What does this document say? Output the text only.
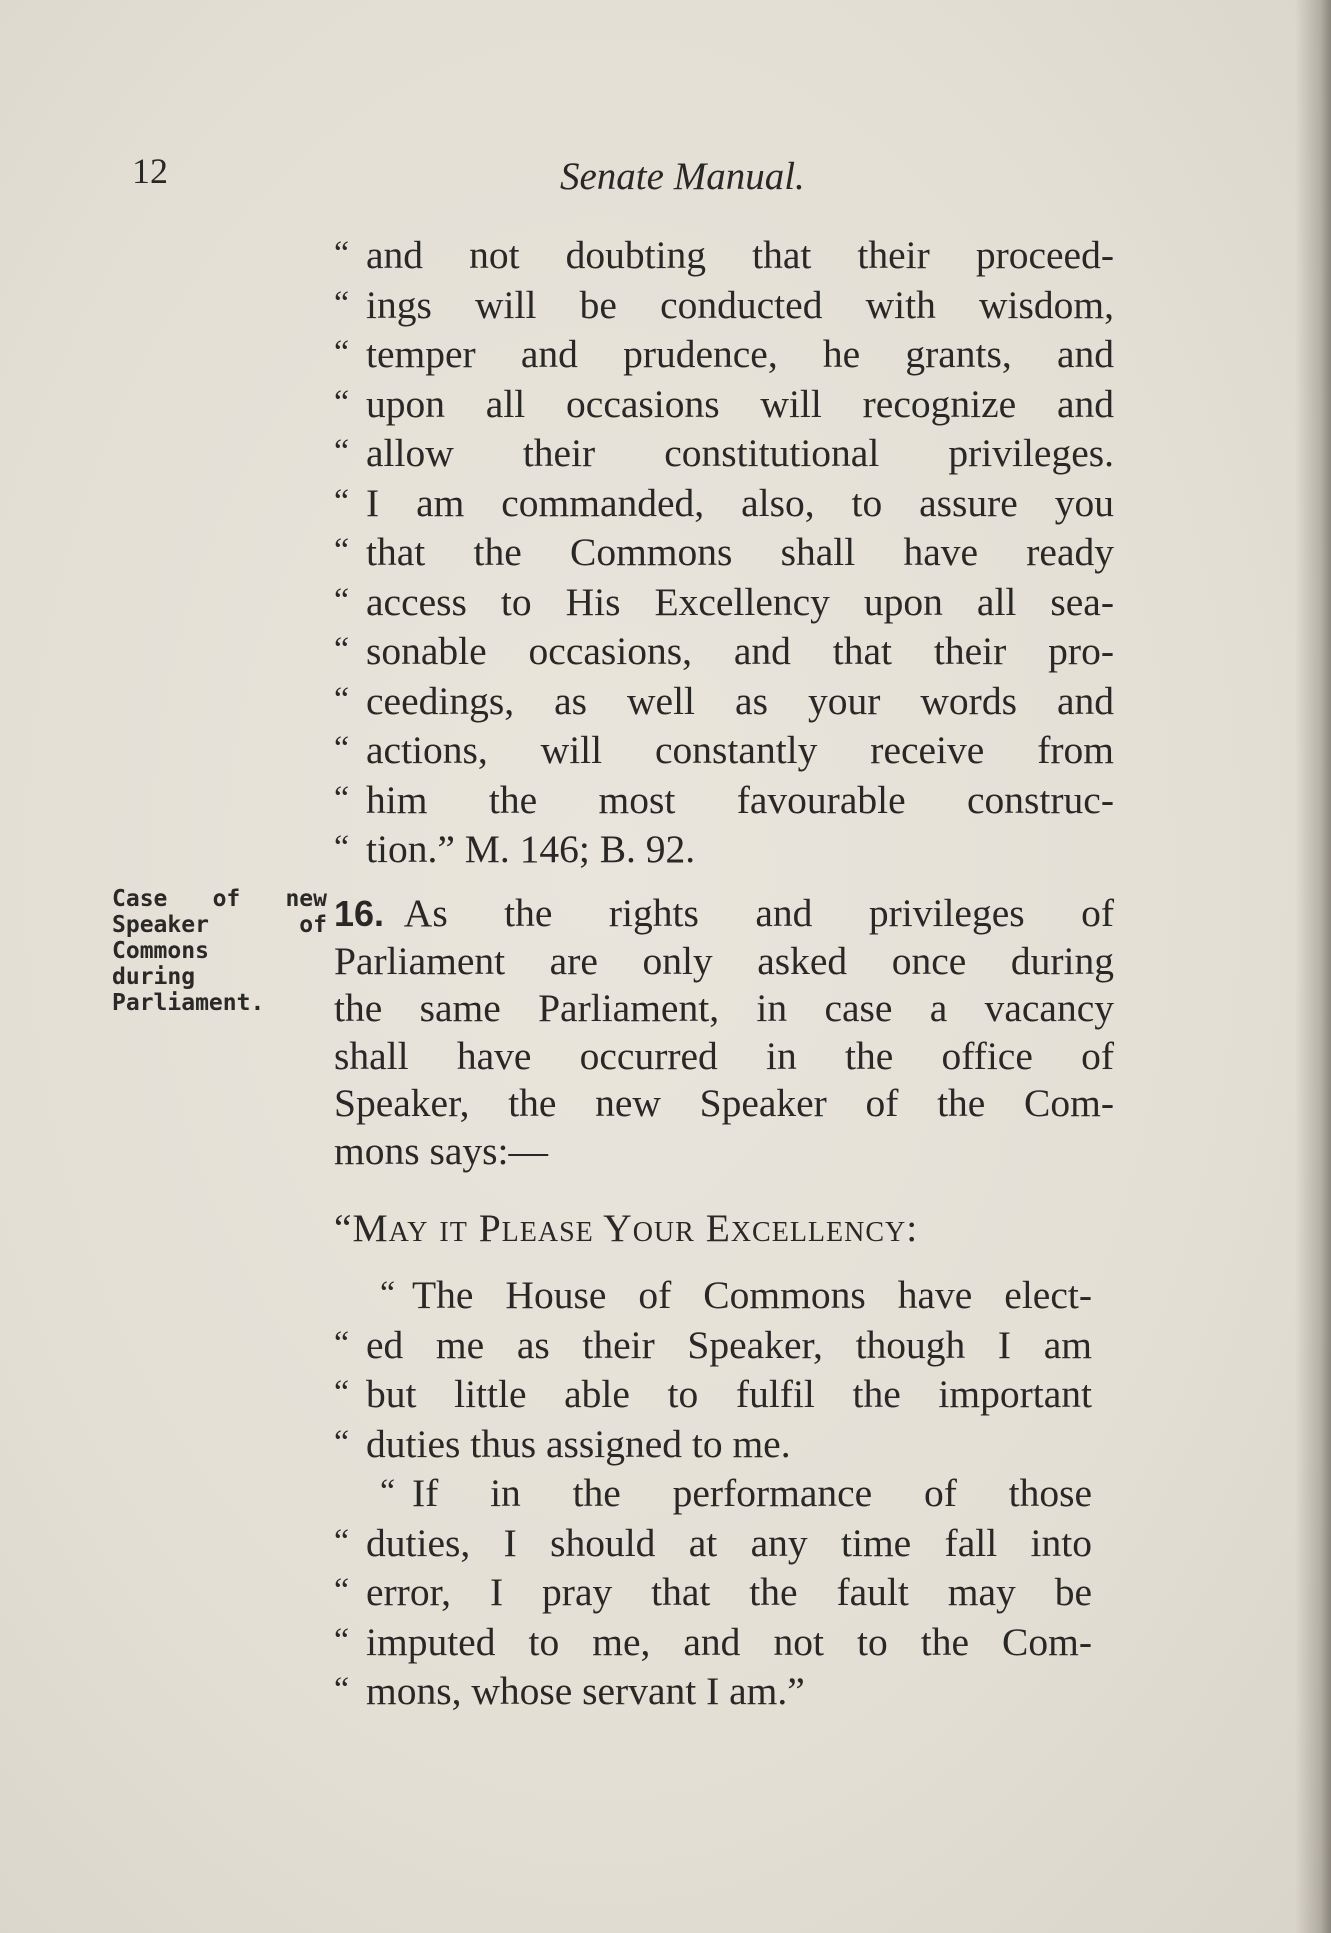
12	Senate Manual.
“ and not doubting that their proceed-
“ ings will be conducted with wisdom,
“ temper and prudence, he grants, and
“ upon all occasions will recognize and
“ allow their constitutional privileges.
“ I am commanded, also, to assure you
“ that the Commons shall have ready
“ access to His Excellency upon all sea-
“ sonable occasions, and that their pro-
“ ceedings, as well as your words and
“ actions, will constantly receive from
“ him the most favourable construc-
“ tion.” M. 146; B. 92.
Case of new
Speaker of
Commons
during
Parliament.
16.  As the rights and privileges of
Parliament are only asked once during
the same Parliament, in case a vacancy
shall have occurred in the office of
Speaker, the new Speaker of the Com-
mons says:—
“May it Please Your Excellency:
“ The House of Commons have elect-
“ ed me as their Speaker, though I am
“ but little able to fulfil the important
“ duties thus assigned to me.
“ If in the performance of those
“ duties, I should at any time fall into
“ error, I pray that the fault may be
“ imputed to me, and not to the Com-
“ mons, whose servant I am.”
